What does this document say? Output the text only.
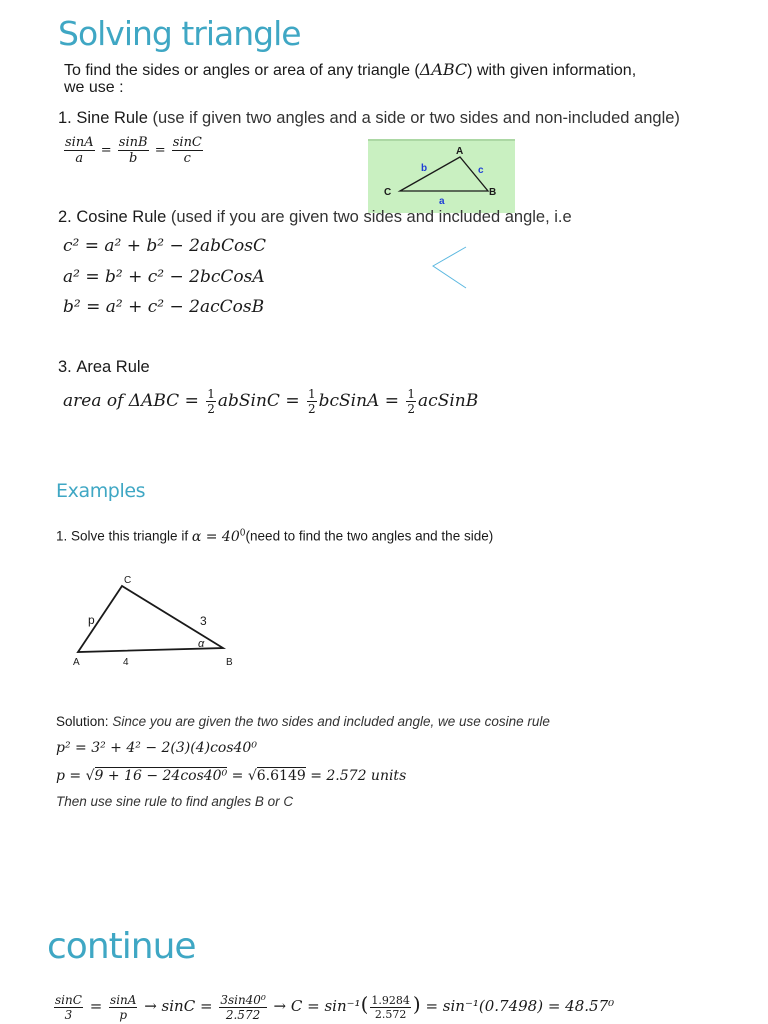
Solving triangle
To find the sides or angles or area of any triangle (ΔABC) with given information,
we use :
1. Sine Rule (use if given two angles and a side or two sides and non-included angle)
$\frac{\sin A}{a} = \frac{\sin B}{b} = \frac{\sin C}{c}$	A
B
C
b	c
a
2. Cosine Rule (used if you are given two sides and included angle, i.e
c² = a² + b² − 2abCosC
a² = b² + c² − 2bcCosA
b² = a² + c² − 2acCosB
3. Area Rule
area of $\Delta ABC = \frac{1}{2}$ abSinC = $\frac{1}{2}$ bcSinA = $\frac{1}{2}$ acSinB
Examples
1. Solve this triangle if $\alpha = 40^0(need$ to find the two angles and the side)
C
A	B
p	3
4
α
Solution: Since you are given the two sides and included angle, we use cosine rule
p² = 3² + 4² − 2(3)(4)cos40⁰
p = √9 + 16 − 24cos40⁰ = √6.6149 = 2.572 units
Then use sine rule to find angles B or C
continue
$\frac{\sin C}{3} = \frac{\sin A}{p} \to \sin C = \frac{\text{3sin40⁰}}{2.572} \to C = \sin^{-1}( \frac{1.9284}{2.572}$ ) = sin⁻¹(0.7498) = 48.57⁰
